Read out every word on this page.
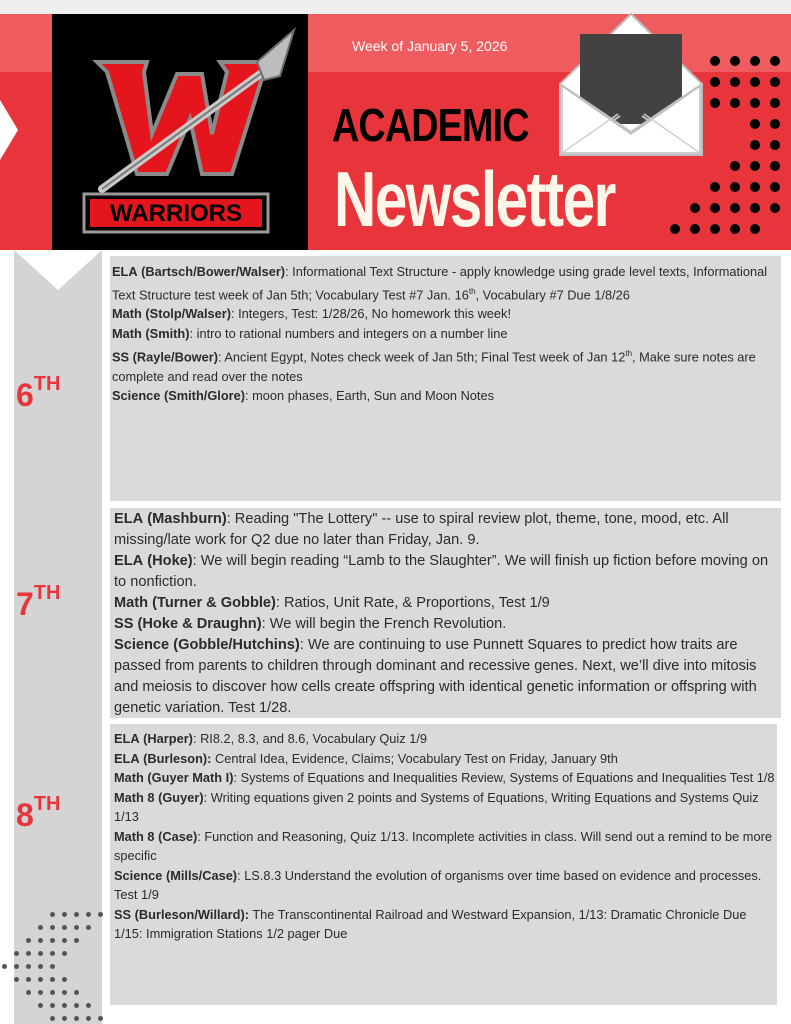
WARRIORS
Week of January 5, 2026
ACADEMIC
Newsletter
6TH
7TH
8TH

ELA (Bartsch/Bower/Walser): Informational Text Structure - apply knowledge using grade level texts, Informational Text Structure test week of Jan 5th; Vocabulary Test #7 Jan. 16th, Vocabulary #7 Due 1/8/26

Math (Stolp/Walser): Integers, Test: 1/28/26, No homework this week!

Math (Smith): intro to rational numbers and integers on a number line

SS (Rayle/Bower): Ancient Egypt, Notes check week of Jan 5th; Final Test week of Jan 12th, Make sure notes are complete and read over the notes

Science (Smith/Glore): moon phases, Earth, Sun and Moon Notes

ELA (Mashburn): Reading "The Lottery" -- use to spiral review plot, theme, tone, mood, etc. All missing/late work for Q2 due no later than Friday, Jan. 9.

ELA (Hoke): We will begin reading “Lamb to the Slaughter”. We will finish up fiction before moving on to nonfiction.

Math (Turner & Gobble): Ratios, Unit Rate, & Proportions, Test 1/9

SS (Hoke & Draughn): We will begin the French Revolution.

Science (Gobble/Hutchins): We are continuing to use Punnett Squares to predict how traits are passed from parents to children through dominant and recessive genes. Next, we’ll dive into mitosis and meiosis to discover how cells create offspring with identical genetic information or offspring with genetic variation. Test 1/28.

ELA (Harper): RI8.2, 8.3, and 8.6, Vocabulary Quiz 1/9

ELA (Burleson): Central Idea, Evidence, Claims; Vocabulary Test on Friday, January 9th

Math (Guyer Math I): Systems of Equations and Inequalities Review, Systems of Equations and Inequalities Test 1/8

Math 8 (Guyer): Writing equations given 2 points and Systems of Equations, Writing Equations and Systems Quiz 1/13

Math 8 (Case): Function and Reasoning, Quiz 1/13. Incomplete activities in class. Will send out a remind to be more specific

Science (Mills/Case): LS.8.3 Understand the evolution of organisms over time based on evidence and processes. Test 1/9

SS (Burleson/Willard): The Transcontinental Railroad and Westward Expansion, 1/13: Dramatic Chronicle Due 1/15: Immigration Stations 1/2 pager Due
